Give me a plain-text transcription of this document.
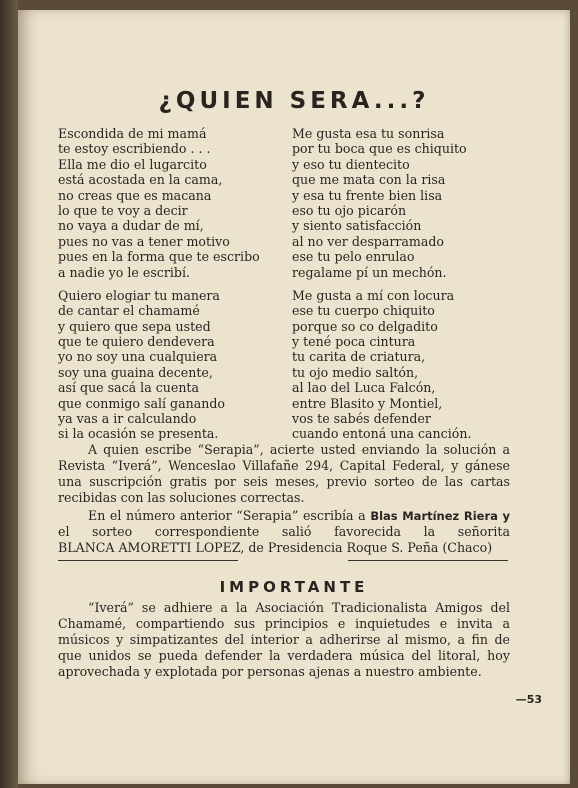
¿QUIEN SERA...?
Escondida de mi mamá
te estoy escribiendo . . .
Ella me dio el lugarcito
está acostada en la cama,
no creas que es macana
lo que te voy a decir
no vaya a dudar de mí,
pues no vas a tener motivo
pues en la forma que te escribo
a nadie yo le escribí.
Quiero elogiar tu manera
de cantar el chamamé
y quiero que sepa usted
que te quiero dendevera
yo no soy una cualquiera
soy una guaina decente,
así que sacá la cuenta
que conmigo salí ganando
ya vas a ir calculando
si la ocasión se presenta.
Me gusta esa tu sonrisa
por tu boca que es chiquito
y eso tu dientecito
que me mata con la risa
y esa tu frente bien lisa
eso tu ojo picarón
y siento satisfacción
al no ver desparramado
ese tu pelo enrulao
regalame pí un mechón.
Me gusta a mí con locura
ese tu cuerpo chiquito
porque so co delgadito
y tené poca cintura
tu carita de criatura,
tu ojo medio saltón,
al lao del Luca Falcón,
entre Blasito y Montiel,
vos te sabés defender
cuando entoná una canción.

A quien escribe “Serapia”, acierte usted enviando la solución a Revista “Iverá”, Wenceslao Villafañe 294, Capital Federal, y gánese una suscripción gratis por seis meses, previo sorteo de las cartas recibidas con las soluciones correctas.

En el número anterior “Serapia” escribía a Blas Martínez Riera y el sorteo correspondiente salió favorecida la señorita BLANCA AMORETTI LOPEZ, de Presidencia Roque S. Peña (Chaco)

IMPORTANTE

“Iverá” se adhiere a la Asociación Tradicionalista Amigos del Chamamé, compartiendo sus principios e inquietudes e invita a músicos y simpatizantes del interior a adherirse al mismo, a fin de que unidos se pueda defender la verdadera música del litoral, hoy aprovechada y explotada por personas ajenas a nuestro ambiente.

—53
